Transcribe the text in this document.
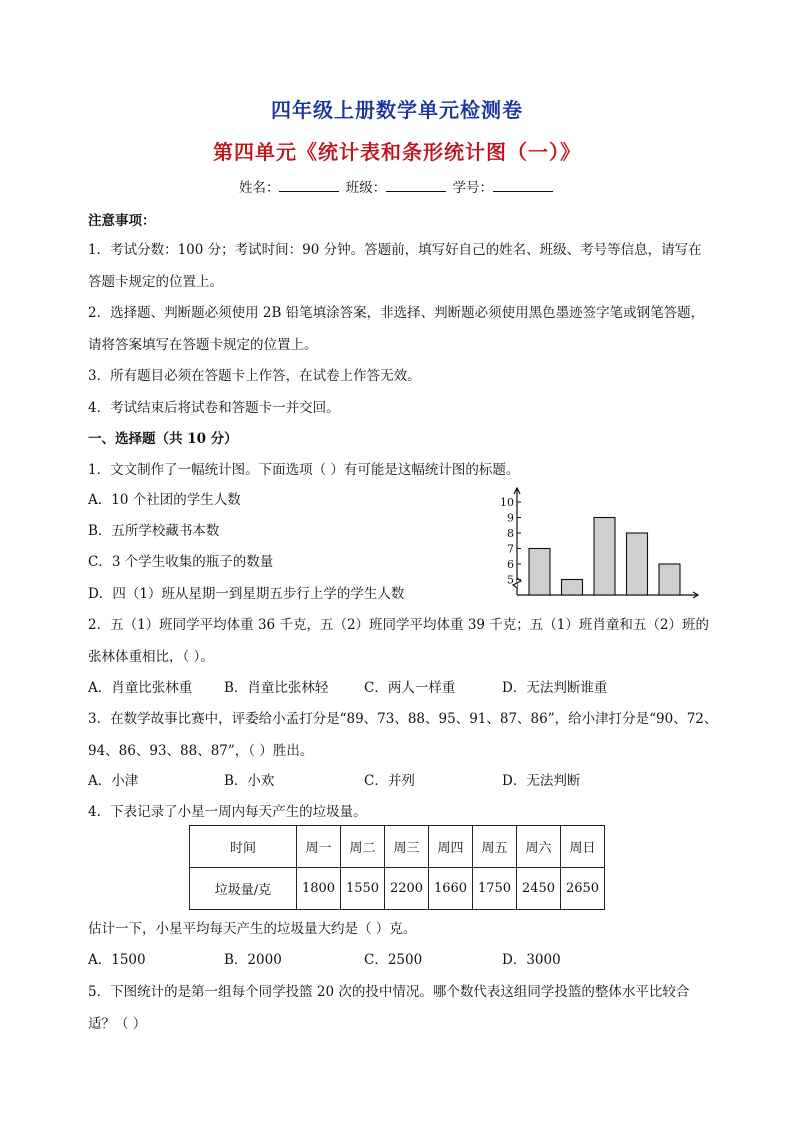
四年级上册数学单元检测卷
第四单元《统计表和条形统计图（一）》
姓名：	班级：	学号：
注意事项：
1．考试分数：100 分；考试时间：90 分钟。答题前，填写好自己的姓名、班级、考号等信息，请写在
答题卡规定的位置上。
2．选择题、判断题必须使用 2B 铅笔填涂答案，非选择、判断题必须使用黑色墨迹签字笔或钢笔答题，
请将答案填写在答题卡规定的位置上。
3．所有题目必须在答题卡上作答，在试卷上作答无效。
4．考试结束后将试卷和答题卡一并交回。
一、选择题（共 10 分）
1．文文制作了一幅统计图。下面选项（ ）有可能是这幅统计图的标题。
A．10 个社团的学生人数
B．五所学校藏书本数
C．3 个学生收集的瓶子的数量
D．四（1）班从星期一到星期五步行上学的学生人数
5
6
7
8
9
10
2．五（1）班同学平均体重 36 千克，五（2）班同学平均体重 39 千克；五（1）班肖童和五（2）班的
张林体重相比，（ ）。
A．肖童比张林重 B．肖童比张林轻	C．两人一样重	D．无法判断谁重
3．在数学故事比赛中，评委给小孟打分是“89、73、88、95、91、87、86”，给小津打分是“90、72、
94、86、93、88、87”，（ ）胜出。
A．小津	B．小欢	C．并列	D．无法判断
4．下表记录了小星一周内每天产生的垃圾量。
时间	周一	周二	周三	周四	周五	周六	周日
垃圾量/克	1800	1550	2200	1660	1750	2450	2650
估计一下，小星平均每天产生的垃圾量大约是（ ）克。
A．1500	B．2000	C．2500	D．3000
5．下图统计的是第一组每个同学投篮 20 次的投中情况。哪个数代表这组同学投篮的整体水平比较合
适？（ ）
